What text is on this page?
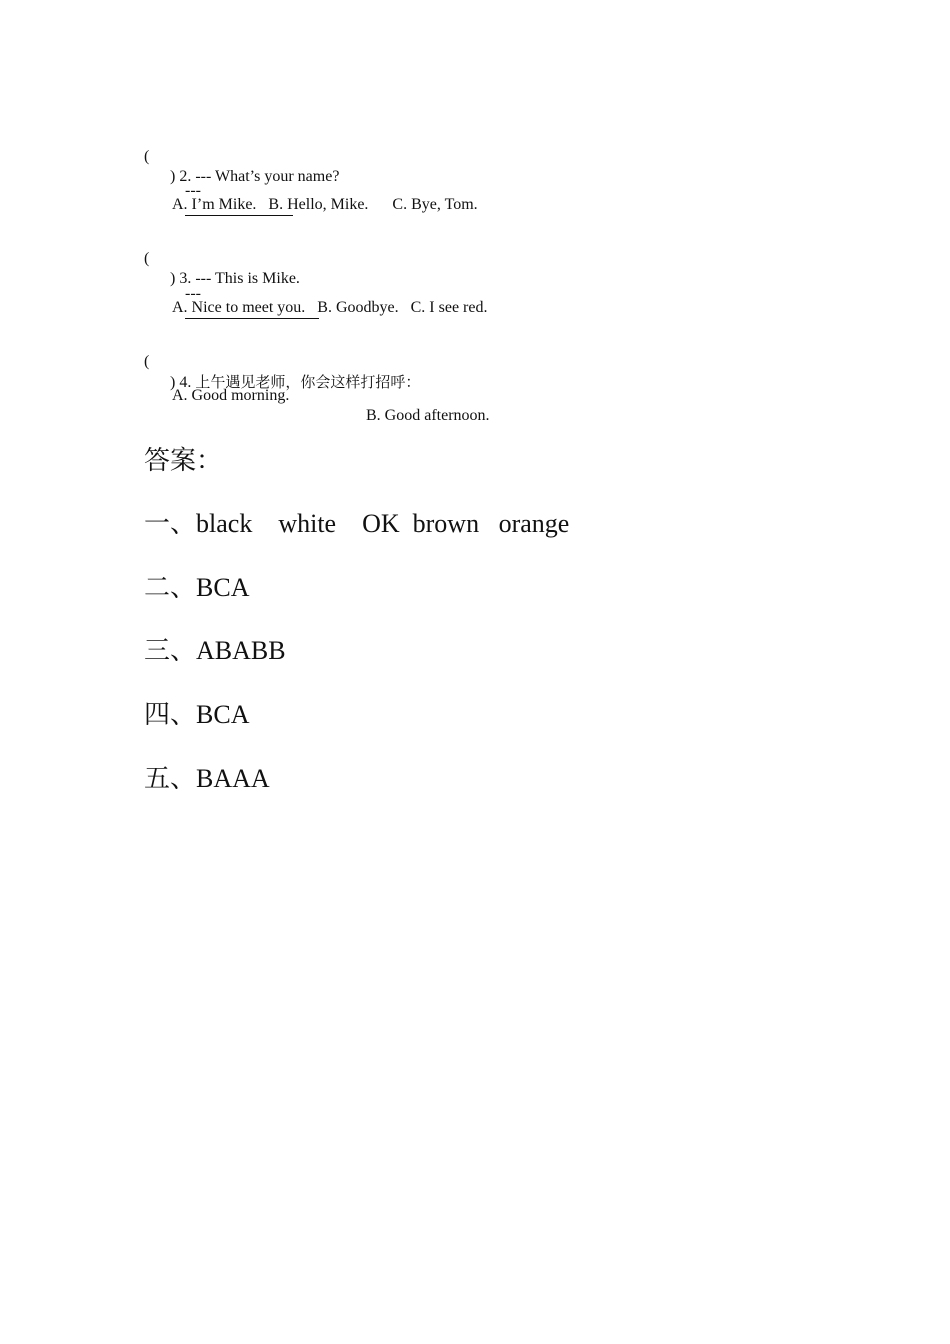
(

) 2. --- What’s your name?

---

A. I’m Mike.   B. Hello, Mike.      C. Bye, Tom.

(

) 3. --- This is Mike.

---

A. Nice to meet you.   B. Goodbye.   C. I see red.

(

) 4. 上午遇见老师，你会这样打招呼：

A. Good morning.

B. Good afternoon.

答案：
一、black    white    OK  brown   orange
二、BCA
三、ABABB
四、BCA
五、BAAA
